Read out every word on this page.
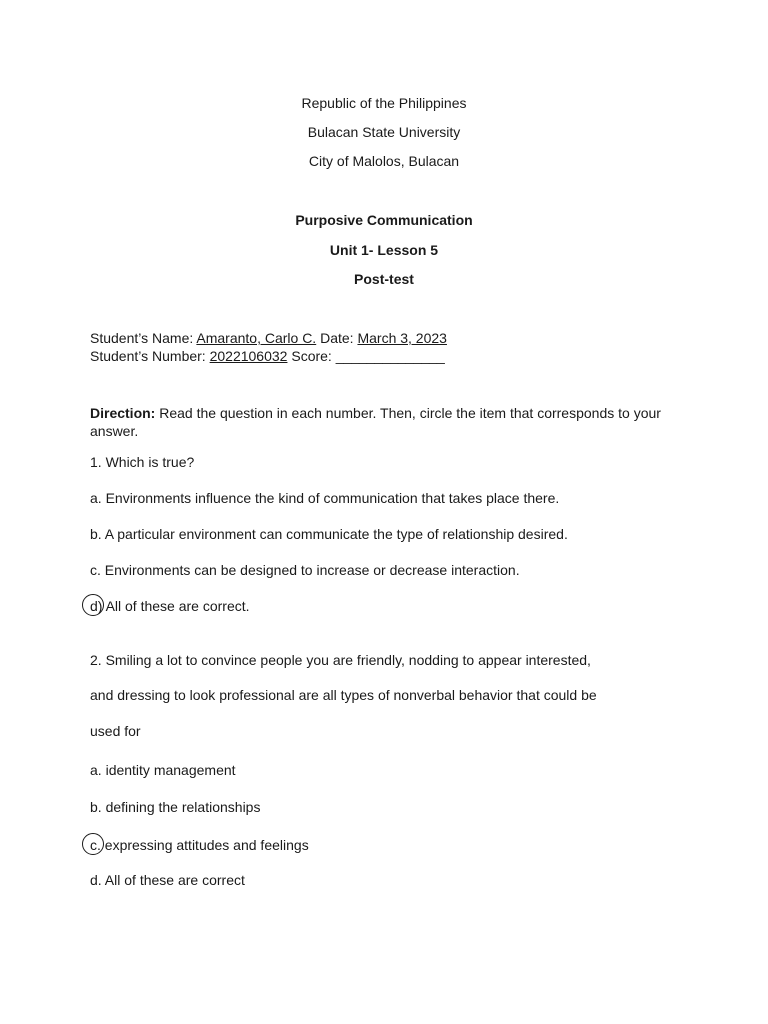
Republic of the Philippines
Bulacan State University
City of Malolos, Bulacan
Purposive Communication
Unit 1- Lesson 5
Post-test
Student’s Name: Amaranto, Carlo C. Date: March 3, 2023
Student’s Number: 2022106032 Score: ______________
Direction: Read the question in each number. Then, circle the item that corresponds to your answer.
1. Which is true?
a. Environments influence the kind of communication that takes place there.
b. A particular environment can communicate the type of relationship desired.
c. Environments can be designed to increase or decrease interaction.
d) All of these are correct.
2. Smiling a lot to convince people you are friendly, nodding to appear interested,
and dressing to look professional are all types of nonverbal behavior that could be
used for
a. identity management
b. defining the relationships
c. expressing attitudes and feelings
d. All of these are correct
